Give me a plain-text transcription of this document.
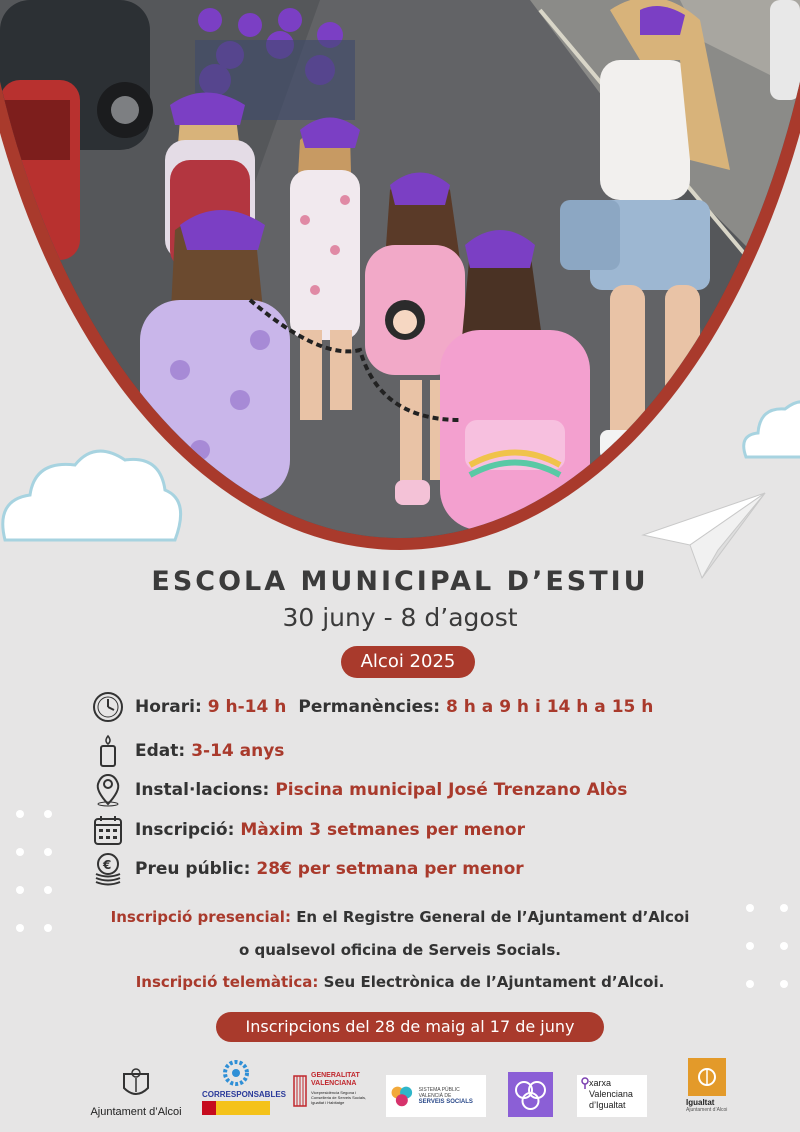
ESCOLA MUNICIPAL D’ESTIU
30 juny - 8 d’agost
Alcoi 2025
Horari: 9 h-14 h Permanències: 8 h a 9 h i 14 h a 15 h
Edat: 3-14 anys
Instal·lacions: Piscina municipal José Trenzano Alòs
Inscripció: Màxim 3 setmanes per menor
€ Preu públic: 28€ per setmana per menor
Inscripció presencial: En el Registre General de l’Ajuntament d’Alcoi
o qualsevol oficina de Serveis Socials.
Inscripció telemàtica: Seu Electrònica de l’Ajuntament d’Alcoi.
Inscripcions del 28 de maig al 17 de juny
Ajuntament d’Alcoi
CORRESPONSABLES
GENERALITAT VALENCIANA
Vicepresidència Segona i Conselleria de Serveis Socials, Igualtat i Habitatge
SISTEMA PÚBLIC VALENCIÀ DE
SERVEIS SOCIALS
xarxa Valenciana d’Igualtat	Igualtat
Ajuntament d’Alcoi
